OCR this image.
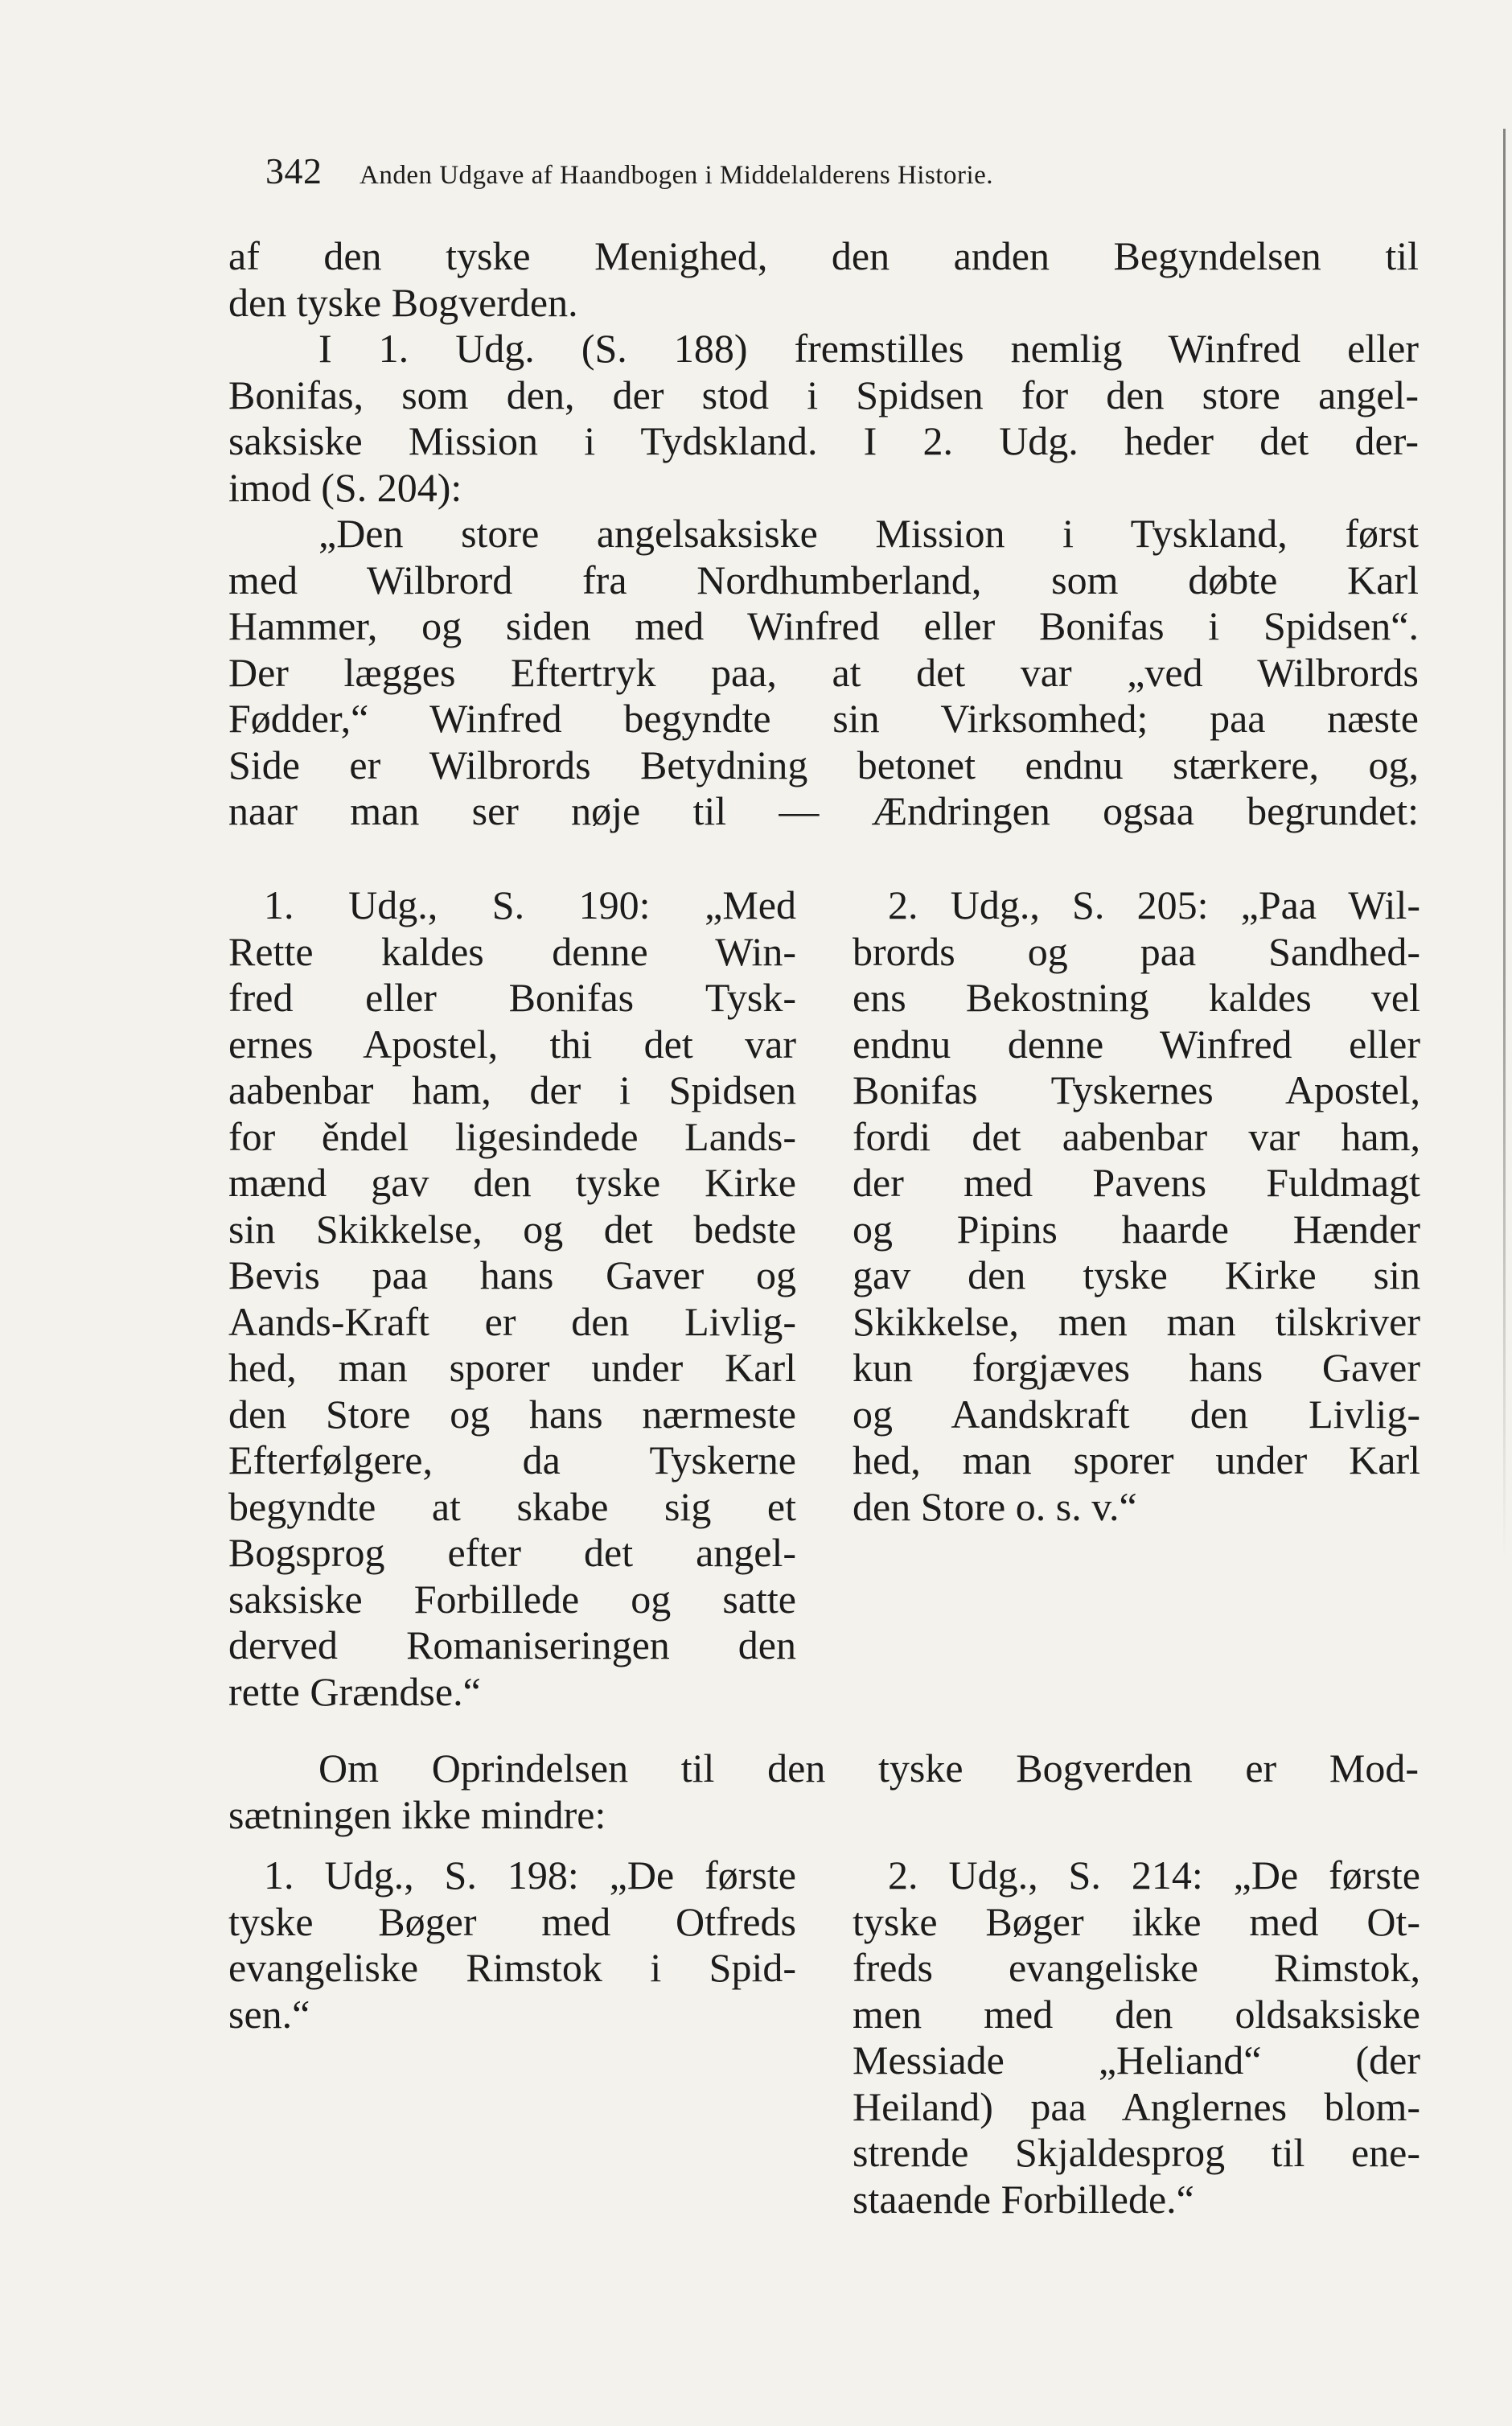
342 Anden Udgave af Haandbogen i Middelalderens Historie.
af den tyske Menighed, den anden Begyndelsen til
den tyske Bogverden.
I 1. Udg. (S. 188) fremstilles nemlig Winfred eller
Bonifas, som den, der stod i Spidsen for den store angel-
saksiske Mission i Tydskland. I 2. Udg. heder det der-
imod (S. 204):
„Den store angelsaksiske Mission i Tyskland, først
med Wilbrord fra Nordhumberland, som døbte Karl
Hammer, og siden med Winfred eller Bonifas i Spidsen“.
Der lægges Eftertryk paa, at det var „ved Wilbrords
Fødder,“ Winfred begyndte sin Virksomhed; paa næste
Side er Wilbrords Betydning betonet endnu stærkere, og,
naar man ser nøje til — Ændringen ogsaa begrundet:
1. Udg., S. 190: „Med
Rette kaldes denne Win-
fred eller Bonifas Tysk-
ernes Apostel, thi det var
aabenbar ham, der i Spidsen
for ěndel ligesindede Lands-
mænd gav den tyske Kirke
sin Skikkelse, og det bedste
Bevis paa hans Gaver og
Aands-Kraft er den Livlig-
hed, man sporer under Karl
den Store og hans nærmeste
Efterfølgere, da Tyskerne
begyndte at skabe sig et
Bogsprog efter det angel-
saksiske Forbillede og satte
derved Romaniseringen den
rette Grændse.“
2. Udg., S. 205: „Paa Wil-
brords og paa Sandhed-
ens Bekostning kaldes vel
endnu denne Winfred eller
Bonifas Tyskernes Apostel,
fordi det aabenbar var ham,
der med Pavens Fuldmagt
og Pipins haarde Hænder
gav den tyske Kirke sin
Skikkelse, men man tilskriver
kun forgjæves hans Gaver
og Aandskraft den Livlig-
hed, man sporer under Karl
den Store o. s. v.“
Om Oprindelsen til den tyske Bogverden er Mod-
sætningen ikke mindre:
1. Udg., S. 198: „De første
tyske Bøger med Otfreds
evangeliske Rimstok i Spid-
sen.“
2. Udg., S. 214: „De første
tyske Bøger ikke med Ot-
freds evangeliske Rimstok,
men med den oldsaksiske
Messiade „Heliand“ (der
Heiland) paa Anglernes blom-
strende Skjaldesprog til ene-
staaende Forbillede.“
